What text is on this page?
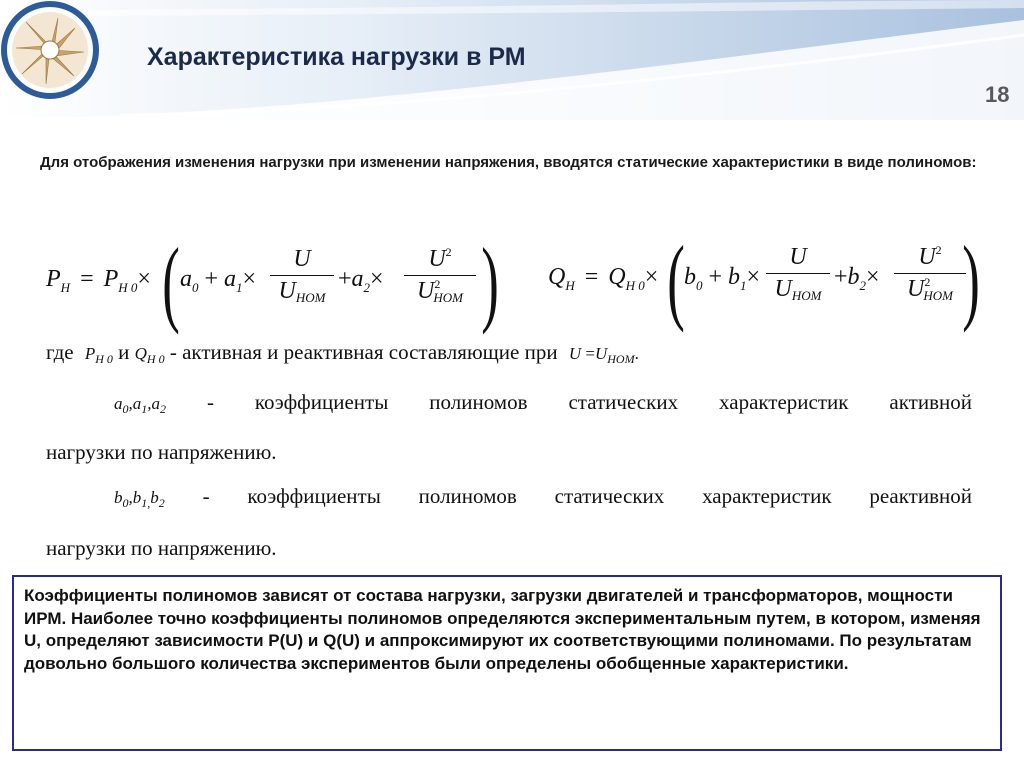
Характеристика нагрузки в РМ
18
Для отображения изменения нагрузки при изменении напряжения, вводятся статические характеристики в виде полиномов:
$P_Н = P_{Н 0}\times$ ( $a_0 + a_1\times$
U
UНОМ
$+a_2\times$
$U^2$
$U^2НОМ$ ) $Q_Н = Q_{Н 0}\times$ ( $b_0 + b_1\times$
U
UНОМ
$+b_2\times$
$U^2$
$U^2НОМ$ )
где $P_{Н 0}$ и $Q_{Н 0}$ - активная и реактивная составляющие при $U =U_{НОМ}$.
$a_0,a_1,a_2$ - коэффициенты полиномов статических характеристик активной
нагрузки по напряжению.
$b_0,b_{1,}b_2$ - коэффициенты полиномов статических характеристик реактивной
нагрузки по напряжению.
Коэффициенты полиномов зависят от состава нагрузки, загрузки двигателей и трансформаторов, мощности ИРМ. Наиболее точно коэффициенты полиномов определяются экспериментальным путем, в котором, изменяя U, определяют зависимости P(U) и Q(U) и аппроксимируют их соответствующими полиномами. По результатам довольно большого количества экспериментов были определены обобщенные характеристики.
